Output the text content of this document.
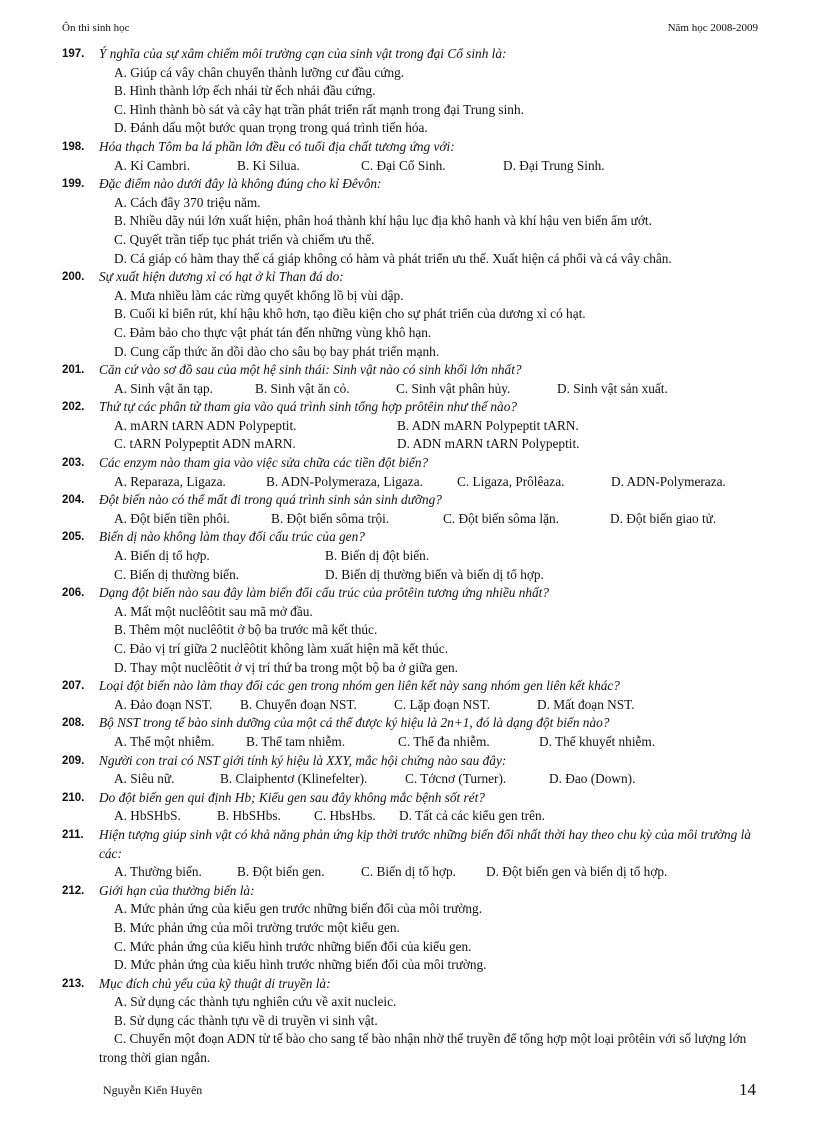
Ôn thi sinh học	Năm học 2008-2009
197. Ý nghĩa của sự xâm chiếm môi trường cạn của sinh vật trong đại Cổ sinh là:
A. Giúp cá vây chân chuyển thành lưỡng cư đầu cứng.
B. Hình thành lớp ếch nhái từ ếch nhái đầu cứng.
C. Hình thành bò sát và cây hạt trần phát triển rất mạnh trong đại Trung sinh.
D. Đánh dấu một bước quan trọng trong quá trình tiến hóa.
198. Hóa thạch Tôm ba lá phần lớn đều có tuổi địa chất tương ứng với:
A. Kỉ Cambri.	B. Kỉ Silua.	C. Đại Cổ Sinh.	D. Đại Trung Sinh.
199. Đặc điểm nào dưới đây là không đúng cho kỉ Đêvôn:
A. Cách đây 370 triệu năm.
B. Nhiều dãy núi lớn xuất hiện, phân hoá thành khí hậu lục địa khô hanh và khí hậu ven biển ẩm ướt.
C. Quyết trần tiếp tục phát triển và chiếm ưu thế.
D. Cá giáp có hàm thay thế cá giáp không có hàm và phát triển ưu thế. Xuất hiện cá phổi và cá vây chân.
200. Sự xuất hiện dương xỉ có hạt ở kỉ Than đá do:
A. Mưa nhiều làm các rừng quyết khổng lồ bị vùi dập.
B. Cuối kỉ biển rút, khí hậu khô hơn, tạo điều kiện cho sự phát triển của dương xỉ có hạt.
C. Đảm bảo cho thực vật phát tán đến những vùng khô hạn.
D. Cung cấp thức ăn dồi dào cho sâu bọ bay phát triển mạnh.
201. Căn cứ vào sơ đồ sau của một hệ sinh thái: Sinh vật nào có sinh khối lớn nhất?
A. Sinh vật ăn tạp.	B. Sinh vật ăn cỏ.	C. Sinh vật phân hủy.	D. Sinh vật sản xuất.
202. Thứ tự các phân tử tham gia vào quá trình sinh tổng hợp prôtêin như thế nào?
A. mARN tARN ADN Polypeptit.	B. ADN mARN Polypeptit tARN.
C. tARN Polypeptit ADN mARN.	D. ADN mARN tARN Polypeptit.
203. Các enzym nào tham gia vào việc sửa chữa các tiền đột biến?
A. Reparaza, Ligaza.	B. ADN-Polymeraza, Ligaza.	C. Ligaza, Prôlêaza.	D. ADN-Polymeraza.
204. Đột biến nào có thể mất đi trong quá trình sinh sản sinh dưỡng?
A. Đột biến tiền phôi.	B. Đột biến sôma trội.	C. Đột biến sôma lặn.	D. Đột biến giao tử.
205. Biến dị nào không làm thay đổi cấu trúc của gen?
A. Biến dị tổ hợp.	B. Biến dị đột biến.
C. Biến dị thường biến.	D. Biến dị thường biến và biến dị tổ hợp.
206. Dạng đột biến nào sau đây làm biến đổi cấu trúc của prôtêin tương ứng nhiều nhất?
A. Mất một nuclêôtit sau mã mở đầu.
B. Thêm một nuclêôtit ở bộ ba trước mã kết thúc.
C. Đảo vị trí giữa 2 nuclêôtit không làm xuất hiện mã kết thúc.
D. Thay một nuclêôtit ở vị trí thứ ba trong một bộ ba ở giữa gen.
207. Loại đột biến nào làm thay đổi các gen trong nhóm gen liên kết này sang nhóm gen liên kết khác?
A. Đảo đoạn NST.	B. Chuyển đoạn NST.	C. Lặp đoạn NST.	D. Mất đoạn NST.
208. Bộ NST trong tế bào sinh dưỡng của một cá thể được ký hiệu là 2n+1, đó là dạng đột biến nào?
A. Thể một nhiễm.	B. Thể tam nhiễm.	C. Thể đa nhiễm.	D. Thể khuyết nhiễm.
209. Người con trai có NST giới tính ký hiệu là XXY, mắc hội chứng nào sau đây:
A. Siêu nữ.	B. Claiphentơ (Klinefelter).	C. Tớcnơ (Turner).	D. Đao (Down).
210. Do đột biến gen qui định Hb; Kiểu gen sau đây không mắc bệnh sốt rét?
A. HbSHbS.	B. HbSHbs.	C. HbsHbs.	D. Tất cả các kiểu gen trên.
211. Hiện tượng giúp sinh vật có khả năng phản ứng kịp thời trước những biến đổi nhất thời hay theo chu kỳ của môi trường là các:
A. Thường biến.	B. Đột biến gen.	C. Biến dị tổ hợp.	D. Đột biến gen và biến dị tổ hợp.
212. Giới hạn của thường biến là:
A. Mức phản ứng của kiểu gen trước những biến đổi của môi trường.
B. Mức phản ứng của môi trường trước một kiểu gen.
C. Mức phản ứng của kiểu hình trước những biến đổi của kiểu gen.
D. Mức phản ứng của kiểu hình trước những biến đổi của môi trường.
213. Mục đích chủ yếu của kỹ thuật di truyền là:
A. Sử dụng các thành tựu nghiên cứu về axit nucleic.
B. Sử dụng các thành tựu về di truyền vi sinh vật.
C. Chuyển một đoạn ADN từ tế bào cho sang tế bào nhận nhờ thể truyền để tổng hợp một loại prôtêin với số lượng lớn trong thời gian ngắn.
Nguyễn Kiến Huyên	14
